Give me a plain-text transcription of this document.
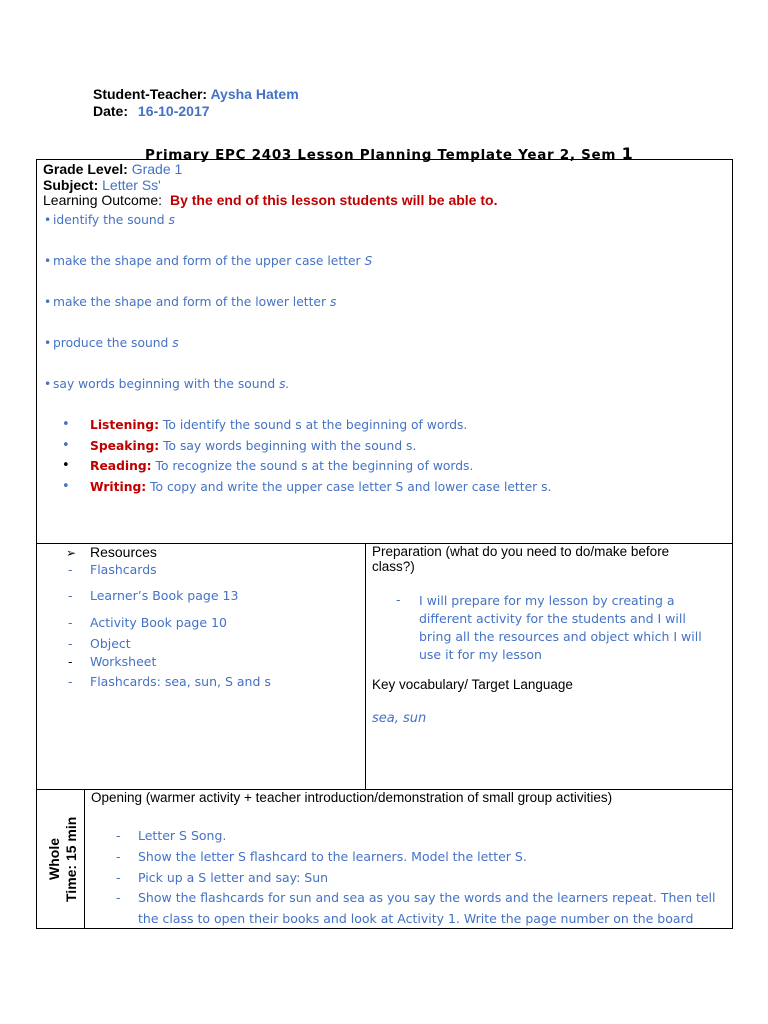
Student-Teacher: Aysha Hatem
Date: 16-10-2017
Primary EPC 2403 Lesson Planning Template Year 2, Sem 1
Grade Level: Grade 1
Subject: Letter Ss'
Learning Outcome: By the end of this lesson students will be able to.
• identify the sound s
• make the shape and form of the upper case letter S
• make the shape and form of the lower letter s
• produce the sound s
• say words beginning with the sound s.
• Listening: To identify the sound s at the beginning of words.
• Speaking: To say words beginning with the sound s.
• Reading: To recognize the sound s at the beginning of words.
• Writing: To copy and write the upper case letter S and lower case letter s.
➢ Resources
- Flashcards
- Learner’s Book page 13
- Activity Book page 10
- Object
- Worksheet
- Flashcards: sea, sun, S and s
Preparation (what do you need to do/make before
class?)
- I will prepare for my lesson by creating a
different activity for the students and I will
bring all the resources and object which I will
use it for my lesson
Key vocabulary/ Target Language
sea, sun
Whole Time: 15 min
Opening (warmer activity + teacher introduction/demonstration of small group activities)
- Letter S Song.
- Show the letter S flashcard to the learners. Model the letter S.
- Pick up a S letter and say: Sun
- Show the flashcards for sun and sea as you say the words and the learners repeat. Then tell
the class to open their books and look at Activity 1. Write the page number on the board
